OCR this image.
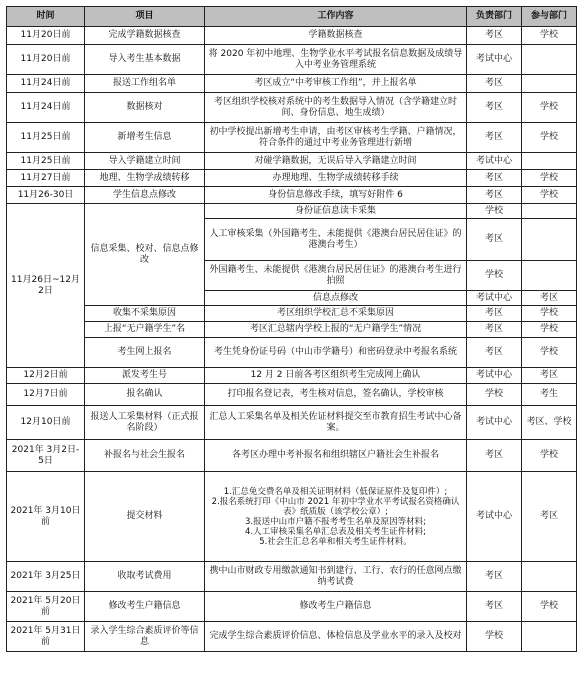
时间	项目	工作内容	负责部门	参与部门
11月20日前	完成学籍数据核查	学籍数据核查	考区	学校
11月20日前	导入考生基本数据	将 2020 年初中地理、生物学业水平考试报名信息数据及成绩导入中考业务管理系统	考试中心	
11月24日前	报送工作组名单	考区成立“中考审核工作组”，并上报名单	考区	
11月24日前	数据核对	考区组织学校核对系统中的考生数据导入情况（含学籍建立时间、身份信息、地生成绩）	考区	学校
11月25日前	新增考生信息	初中学校提出新增考生申请，由考区审核考生学籍、户籍情况，符合条件的通过中考业务管理进行新增	考区	学校
11月25日前	导入学籍建立时间	对碰学籍数据，无误后导入学籍建立时间	考试中心	
11月27日前	地理、生物学成绩转移	办理地理、生物学成绩转移手续	考区	学校
11月26-30日	学生信息点修改	身份信息修改手续，填写好附件 6	考区	学校
11月26日~12月2日	信息采集、校对、信息点修改	身份证信息读卡采集	学校	
		人工审核采集（外国籍考生、未能提供《港澳台居民居住证》的港澳台考生）	考区	
		外国籍考生、未能提供《港澳台居民居住证》的港澳台考生进行拍照	学校	
		信息点修改	考试中心	考区
	收集不采集原因	考区组织学校汇总不采集原因	考区	学校
	上报“无户籍学生”名	考区汇总辖内学校上报的“无户籍学生”情况	考区	学校
	考生网上报名	考生凭身份证号码（中山市学籍号）和密码登录中考报名系统	考区	学校
12月2日前	派发考生号	12 月 2 日前各考区组织考生完成网上确认	考试中心	考区
12月7日前	报名确认	打印报名登记表，考生核对信息，签名确认，学校审核	学校	考生
12月10日前	报送人工采集材料（正式报名阶段）	汇总人工采集名单及相关佐证材料提交至市教育招生考试中心备案。	考试中心	考区、学校
2021年 3月2日-5日	补报名与社会生报名	各考区办理中考补报名和组织辖区户籍社会生补报名	考区	学校
2021年 3月10日前	提交材料	1.汇总免交费名单及相关证明材料（低保证原件及复印件）;
2.报名系统打印《中山市 2021 年初中学业水平考试报名资格确认表》纸质版（该学校公章）;
3.报送中山市户籍不报考考生名单及原因等材料;
4.人工审核采集名单汇总表及相关考生证件材料;
5.社会生汇总名单和相关考生证件材料。	考试中心	考区
2021年 3月25日	收取考试费用	携中山市财政专用缴款通知书到建行、工行、农行的任意网点缴纳考试费	考区	
2021年 5月20日前	修改考生户籍信息	修改考生户籍信息	考区	学校
2021年 5月31日前	录入学生综合素质评价等信息	完成学生综合素质评价信息、体检信息及学业水平的录入及校对	学校	
